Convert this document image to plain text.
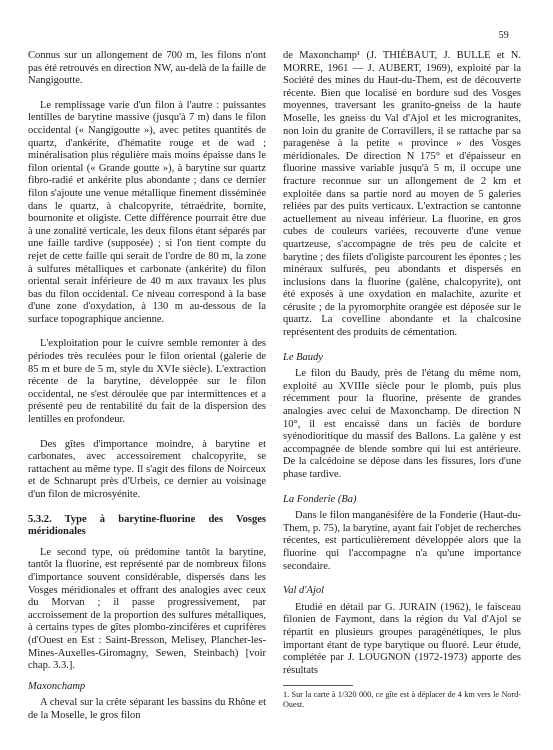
59

Connus sur un allongement de 700 m, les filons n'ont pas été retrouvés en direction NW, au-delà de la faille de Nangigoutte.

Le remplissage varie d'un filon à l'autre : puissantes lentilles de barytine massive (jusqu'à 7 m) dans le filon occidental (« Nangigoutte »), avec petites quantités de quartz, d'ankérite, d'hématite rouge et de wad ; minéralisation plus régulière mais moins épaisse dans le filon oriental (« Grande goutte »), à barytine sur quartz fibro-radié et ankérite plus abondante ; dans ce dernier filon s'ajoute une venue métallique finement disséminée dans le quartz, à chalcopyrite, tétraédrite, bornite, bournonite et oligiste. Cette différence pourrait être due à une zonalité verticale, les deux filons étant séparés par une faille tardive (supposée) ; si l'on tient compte du rejet de cette faille qui serait de l'ordre de 80 m, la zone à sulfures métalliques et carbonate (ankérite) du filon oriental serait inférieure de 40 m aux travaux les plus bas du filon occidental. Ce niveau correspond à la base d'une zone d'oxydation, à 130 m au-dessous de la surface topographique ancienne.

L'exploitation pour le cuivre semble remonter à des périodes très reculées pour le filon oriental (galerie de 85 m et bure de 5 m, style du XVIe siècle). L'extraction récente de la barytine, développée sur le filon occidental, ne s'est déroulée que par intermittences et a présenté peu de rentabilité du fait de la dispersion des lentilles en profondeur.

Des gîtes d'importance moindre, à barytine et carbonates, avec accessoirement chalcopyrite, se rattachent au même type. Il s'agit des filons de Noirceux et de Schnarupt près d'Urbeis, ce dernier au voisinage d'un filon de microsyénite.

5.3.2. Type à barytine-fluorine des Vosges méridionales

Le second type, où prédomine tantôt la barytine, tantôt la fluorine, est représenté par de nombreux filons d'importance souvent considérable, dispersés dans les Vosges méridionales et offrant des analogies avec ceux du Morvan ; il passe progressivement, par accroissement de la proportion des sulfures métalliques, à certains types de gîtes plombo-zincifères et cuprifères (d'Ouest en Est : Saint-Bresson, Melisey, Plancher-les-Mines-Auxelles-Giromagny, Sewen, Steinbach) [voir chap. 3.3.].

Maxonchamp

A cheval sur la crête séparant les bassins du Rhône et de la Moselle, le gros filon

de Maxonchamp¹ (J. THIÉBAUT, J. BULLE et N. MORRE, 1961 — J. AUBERT, 1969), exploité par la Société des mines du Haut-du-Them, est de découverte récente. Bien que localisé en bordure sud des Vosges moyennes, traversant les granito-gneiss de la haute Moselle, les gneiss du Val d'Ajol et les microgranites, non loin du granite de Corravillers, il se rattache par sa paragenèse à la petite « province » des Vosges méridionales. De direction N 175° et d'épaisseur en fluorine massive variable jusqu'à 5 m, il occupe une fracture reconnue sur un allongement de 2 km et exploitée dans sa partie nord au moyen de 5 galeries reliées par des puits verticaux. L'extraction se cantonne actuellement au niveau inférieur. La fluorine, en gros cubes de couleurs variées, recouverte d'une venue quartzeuse, s'accompagne de très peu de calcite et barytine ; des filets d'oligiste parcourent les épontes ; les minéraux sulfurés, peu abondants et dispersés en inclusions dans la fluorine (galène, chalcopyrite), ont été exposés à une oxydation en malachite, azurite et cérusite ; de la pyromorphite orangée est déposée sur le quartz. La covelline abondante et la chalcosine représentent des produits de cémentation.

Le Baudy

Le filon du Baudy, près de l'étang du même nom, exploité au XVIIIe siècle pour le plomb, puis plus récemment pour la fluorine, présente de grandes analogies avec celui de Maxonchamp. De direction N 10°, il est encaissé dans un faciès de bordure syénodioritique du massif des Ballons. La galène y est accompagnée de blende sombre qui lui est antérieure. De la calcédoine se dépose dans les fissures, lors d'une phase tardive.

La Fonderie (Ba)

Dans le filon manganésifère de la Fonderie (Haut-du-Them, p. 75), la barytine, ayant fait l'objet de recherches récentes, est particulièrement développée alors que la fluorine qui l'accompagne n'a qu'une importance secondaire.

Val d'Ajol

Etudié en détail par G. JURAIN (1962), le faisceau filonien de Faymont, dans la région du Val d'Ajol se répartit en plusieurs groupes paragénétiques, le plus important étant de type barytique ou fluoré. Leur étude, complétée par J. LOUGNON (1972-1973) apporte des résultats

1. Sur la carte à 1/320 000, ce gîte est à déplacer de 4 km vers le Nord-Ouest.
